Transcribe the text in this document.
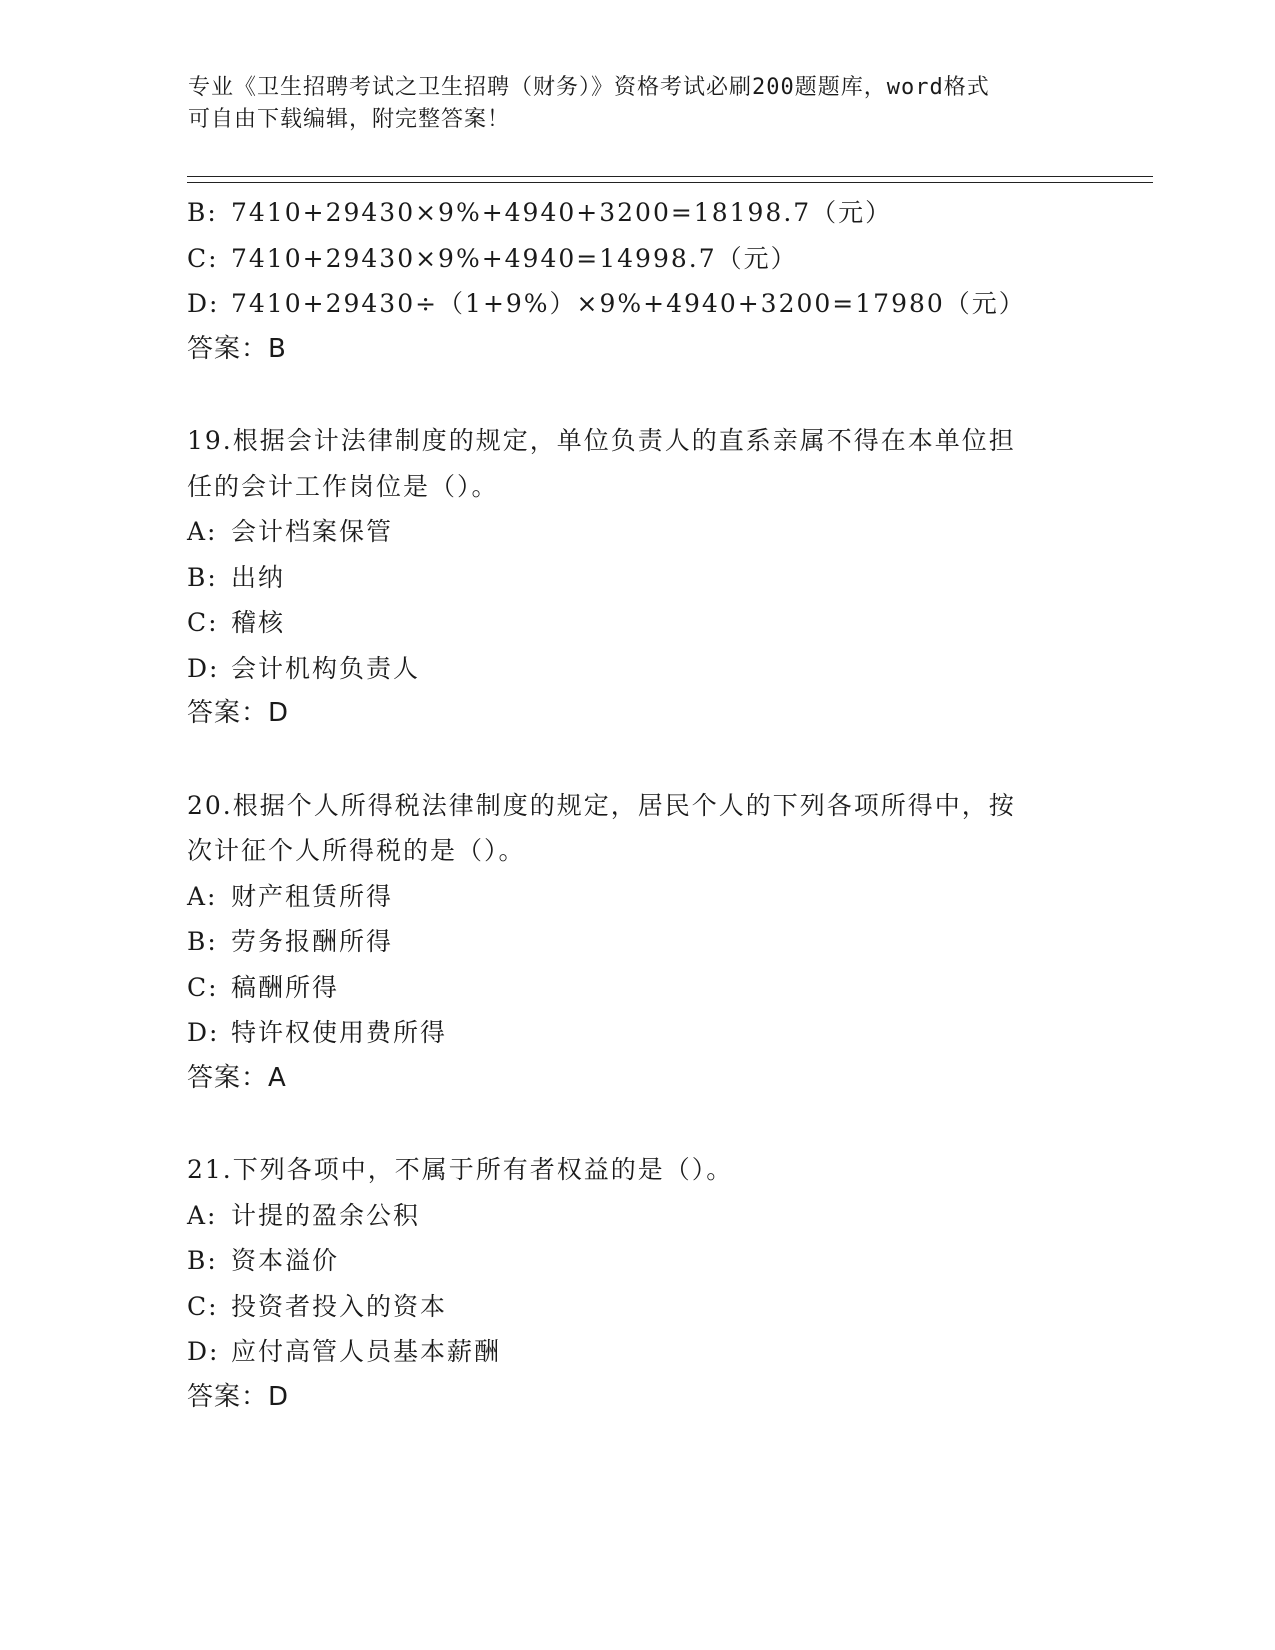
专业《卫生招聘考试之卫生招聘（财务）》资格考试必刷200题题库，word格式
可自由下载编辑，附完整答案！
B: 7410+29430×9%+4940+3200=18198.7（元）
C: 7410+29430×9%+4940=14998.7（元）
D: 7410+29430÷（1+9%）×9%+4940+3200=17980（元）
答案：B
19.根据会计法律制度的规定，单位负责人的直系亲属不得在本单位担
任的会计工作岗位是（）。
A: 会计档案保管
B: 出纳
C: 稽核
D: 会计机构负责人
答案：D
20.根据个人所得税法律制度的规定，居民个人的下列各项所得中，按
次计征个人所得税的是（）。
A: 财产租赁所得
B: 劳务报酬所得
C: 稿酬所得
D: 特许权使用费所得
答案：A
21.下列各项中，不属于所有者权益的是（）。
A: 计提的盈余公积
B: 资本溢价
C: 投资者投入的资本
D: 应付高管人员基本薪酬
答案：D
